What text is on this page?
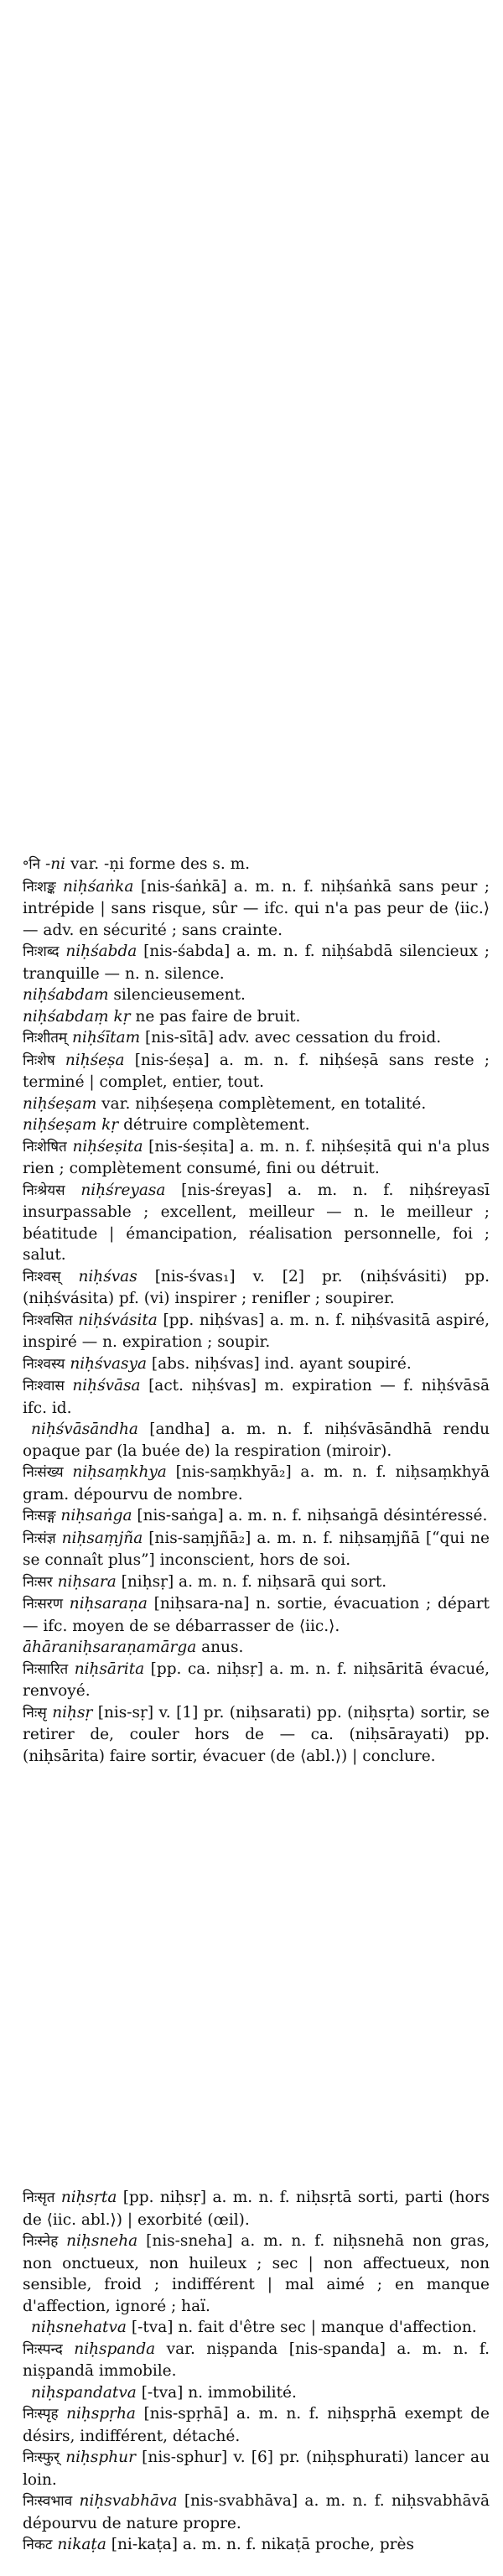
॰नि -ni var. -ṇi forme des s. m.

निःशङ्क niḥśaṅka [nis-śaṅkā] a. m. n. f. niḥśaṅkā sans peur ; intrépide | sans risque, sûr — ifc. qui n'a pas peur de ⟨iic.⟩ — adv. en sécurité ; sans crainte.

निःशब्द niḥśabda [nis-śabda] a. m. n. f. niḥśabdā silencieux ; tranquille — n. n. silence.

niḥśabdam silencieusement.

niḥśabdaṃ kṛ ne pas faire de bruit.

निःशीतम् niḥśītam [nis-sītā] adv. avec cessation du froid.

निःशेष niḥśeṣa [nis-śeṣa] a. m. n. f. niḥśeṣā sans reste ; terminé | complet, entier, tout.

niḥśeṣam var. niḥśeṣeṇa complètement, en totalité.

niḥśeṣam kṛ détruire complètement.

निःशेषित niḥśeṣita [nis-śeṣita] a. m. n. f. niḥśeṣitā qui n'a plus rien ; complètement consumé, fini ou détruit.

निःश्रेयस niḥśreyasa [nis-śreyas] a. m. n. f. niḥśreyasī insurpassable ; excellent, meilleur — n. le meilleur ; béatitude | émancipation, réalisation personnelle, foi ; salut.

निःश्वस् niḥśvas [nis-śvas₁] v. [2] pr. (niḥśvásiti) pp. (niḥśvásita) pf. (vi) inspirer ; renifler ; soupirer.

निःश्वसित niḥśvásita [pp. niḥśvas] a. m. n. f. niḥśvasitā aspiré, inspiré — n. expiration ; soupir.

निःश्वस्य niḥśvasya [abs. niḥśvas] ind. ayant soupiré.

निःश्वास niḥśvāsa [act. niḥśvas] m. expiration — f. niḥśvāsā ifc. id.

niḥśvāsāndha [andha] a. m. n. f. niḥśvāsāndhā rendu opaque par (la buée de) la respiration (miroir).

निःसंख्य niḥsaṃkhya [nis-saṃkhyā₂] a. m. n. f. niḥsaṃkhyā gram. dépourvu de nombre.

निःसङ्ग niḥsaṅga [nis-saṅga] a. m. n. f. niḥsaṅgā désintéressé.

निःसंज्ञ niḥsaṃjña [nis-saṃjñā₂] a. m. n. f. niḥsaṃjñā [“qui ne se connaît plus”] inconscient, hors de soi.

निःसर niḥsara [niḥsṛ] a. m. n. f. niḥsarā qui sort.

निःसरण niḥsaraṇa [niḥsara-na] n. sortie, évacuation ; départ — ifc. moyen de se débarrasser de ⟨iic.⟩.

āhāraniḥsaraṇamārga anus.

निःसारित niḥsārita [pp. ca. niḥsṛ] a. m. n. f. niḥsāritā évacué, renvoyé.

निःसृ niḥsṛ [nis-sṛ] v. [1] pr. (niḥsarati) pp. (niḥsṛta) sortir, se retirer de, couler hors de — ca. (niḥsārayati) pp. (niḥsārita) faire sortir, évacuer (de ⟨abl.⟩) | conclure.

निःसृत niḥsṛta [pp. niḥsṛ] a. m. n. f. niḥsṛtā sorti, parti (hors de ⟨iic. abl.⟩) | exorbité (œil).

निःस्नेह niḥsneha [nis-sneha] a. m. n. f. niḥsnehā non gras, non onctueux, non huileux ; sec | non affectueux, non sensible, froid ; indifférent | mal aimé ; en manque d'affection, ignoré ; haï.

niḥsnehatva [-tva] n. fait d'être sec | manque d'affection.

निःस्पन्द niḥspanda var. niṣpanda [nis-spanda] a. m. n. f. niṣpandā immobile.

niḥspandatva [-tva] n. immobilité.

निःस्पृह niḥspṛha [nis-spṛhā] a. m. n. f. niḥspṛhā exempt de désirs, indifférent, détaché.

निःस्फुर् niḥsphur [nis-sphur] v. [6] pr. (niḥsphurati) lancer au loin.

निःस्वभाव niḥsvabhāva [nis-svabhāva] a. m. n. f. niḥsvabhāvā dépourvu de nature propre.

निकट nikaṭa [ni-kaṭa] a. m. n. f. nikaṭā proche, près
